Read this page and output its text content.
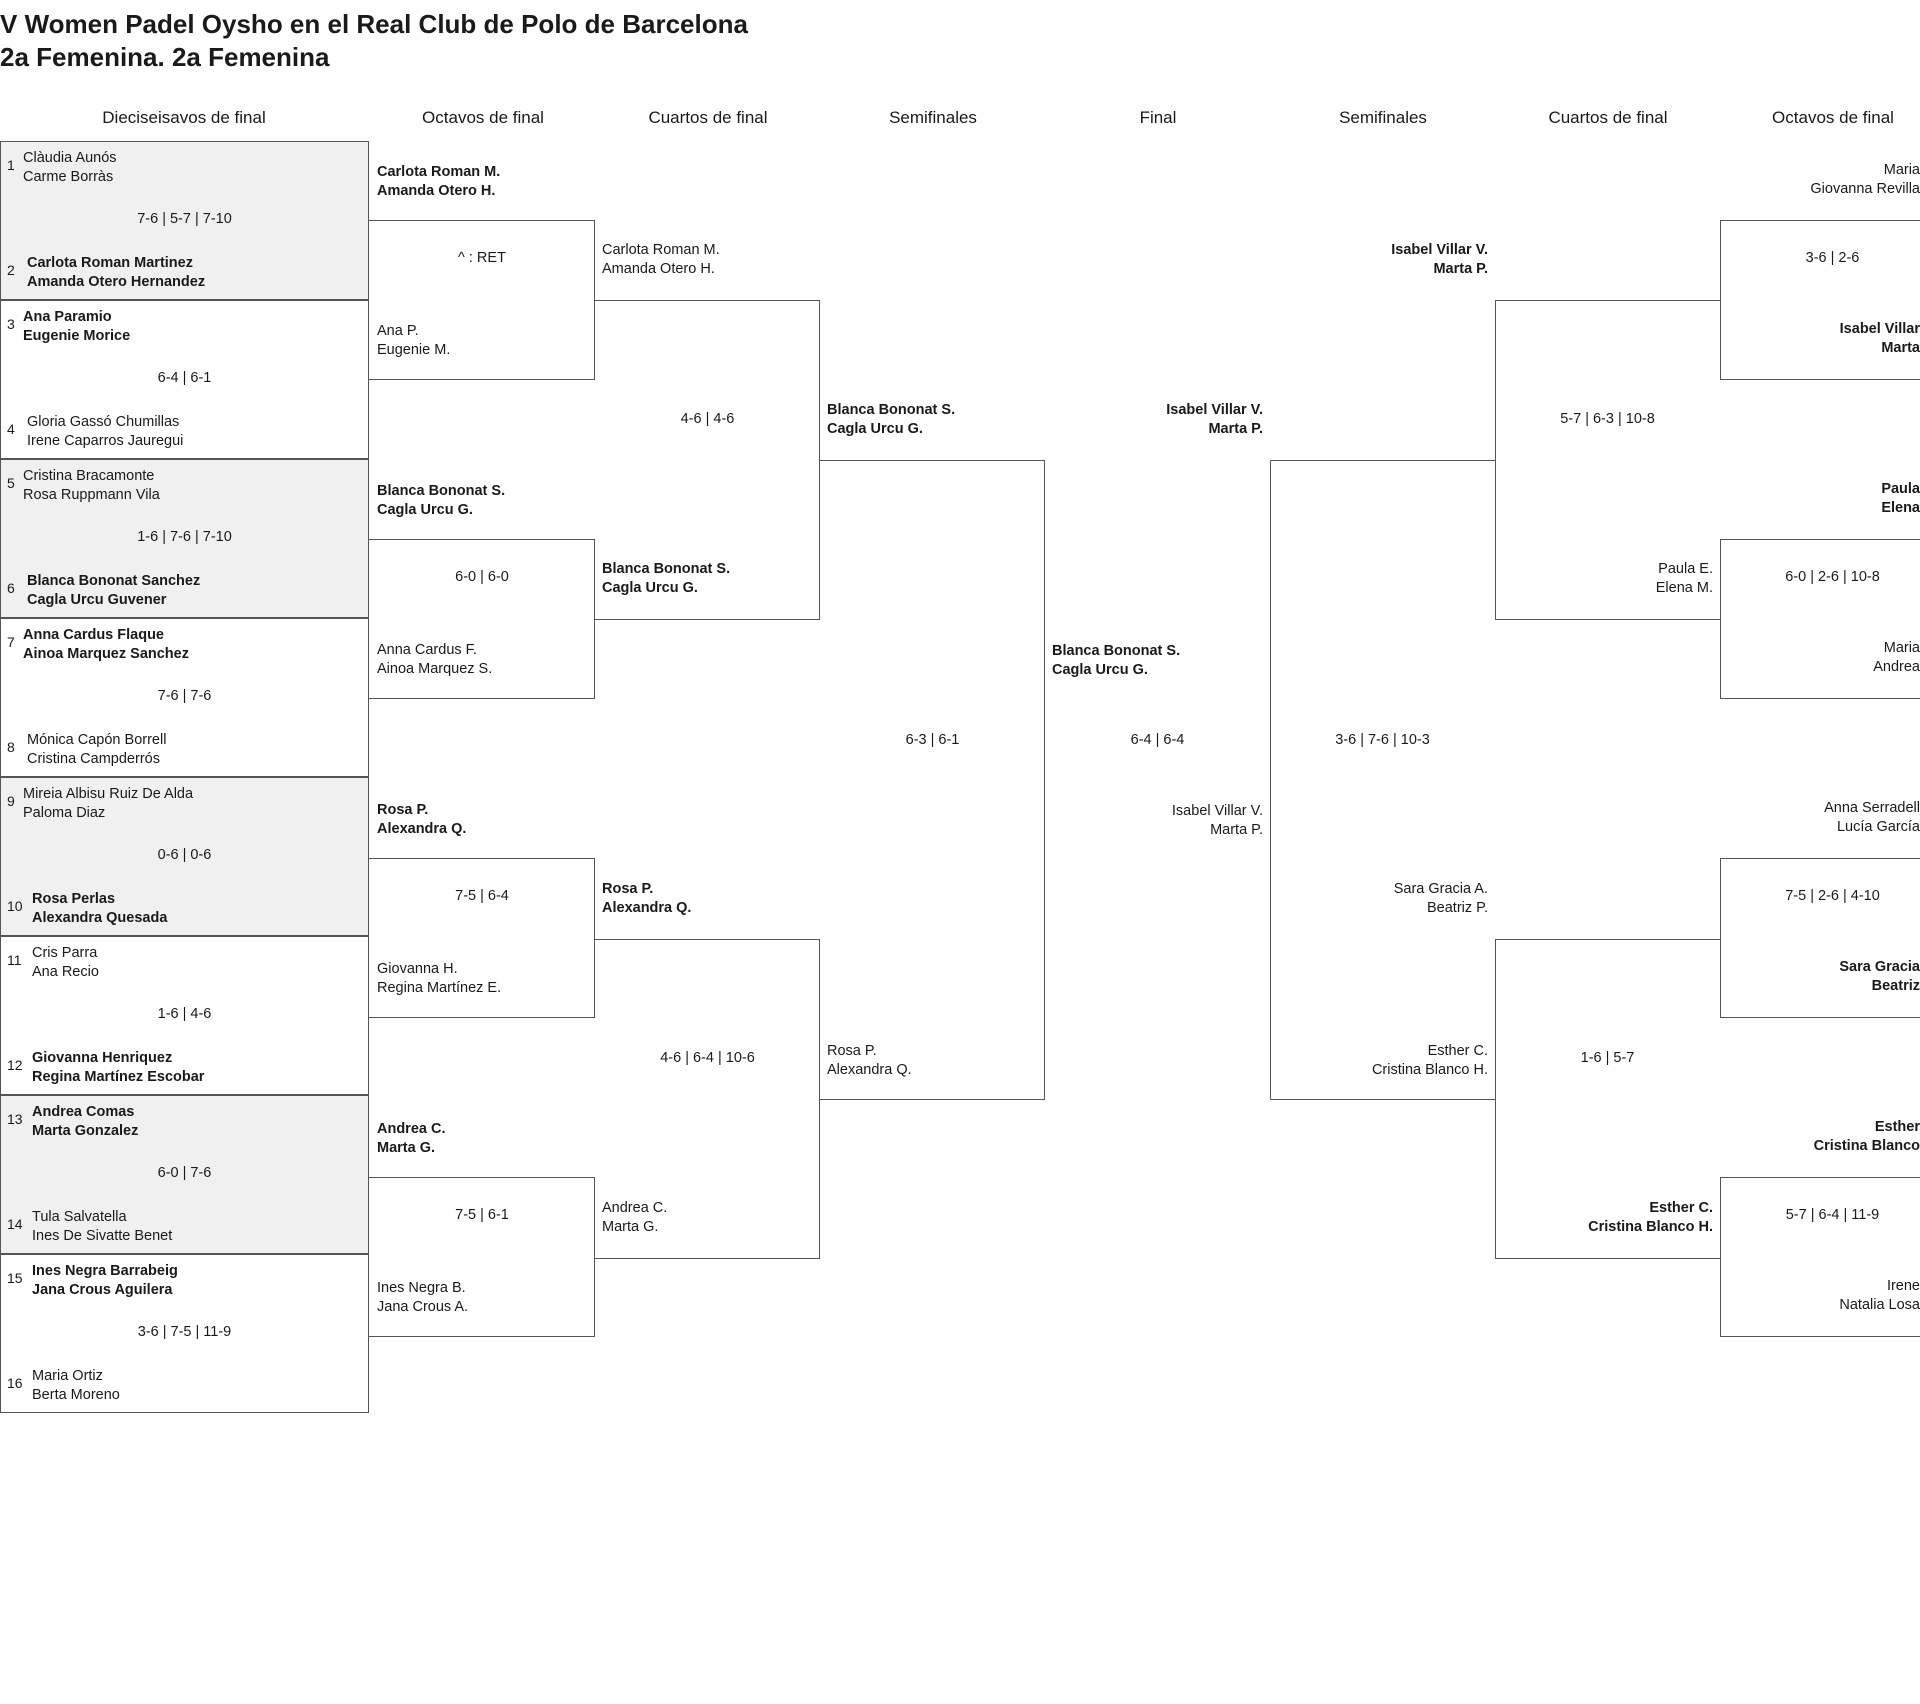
V Women Padel Oysho en el Real Club de Polo de Barcelona
2a Femenina. 2a Femenina
Dieciseisavos de final	Octavos de final	Cuartos de final	Semifinales	Final	Semifinales	Cuartos de final	Octavos de final
1
2
Clàudia Aunós
Carme Borràs
Carlota Roman Martinez
Amanda Otero Hernandez
7-6 | 5-7 | 7-10
3
4
Ana Paramio
Eugenie Morice
Gloria Gassó Chumillas
Irene Caparros Jauregui
6-4 | 6-1
5
6
Cristina Bracamonte
Rosa Ruppmann Vila
Blanca Bononat Sanchez
Cagla Urcu Guvener
1-6 | 7-6 | 7-10
7
8
Anna Cardus Flaque
Ainoa Marquez Sanchez
Mónica Capón Borrell
Cristina Campderrós
7-6 | 7-6
9
10
Mireia Albisu Ruiz De Alda
Paloma Diaz
Rosa Perlas
Alexandra Quesada
0-6 | 0-6
11
12
Cris Parra
Ana Recio
Giovanna Henriquez
Regina Martínez Escobar
1-6 | 4-6
13
14
Andrea Comas
Marta Gonzalez
Tula Salvatella
Ines De Sivatte Benet
6-0 | 7-6
15
16
Ines Negra Barrabeig
Jana Crous Aguilera
Maria Ortiz
Berta Moreno
3-6 | 7-5 | 11-9
Carlota Roman M.
Amanda Otero H.
Ana P.
Eugenie M.
^ : RET
Blanca Bononat S.
Cagla Urcu G.
Anna Cardus F.
Ainoa Marquez S.
6-0 | 6-0
Rosa P.
Alexandra Q.
Giovanna H.
Regina Martínez E.
7-5 | 6-4
Andrea C.
Marta G.
Ines Negra B.
Jana Crous A.
7-5 | 6-1
Carlota Roman M.
Amanda Otero H.
Blanca Bononat S.
Cagla Urcu G.
4-6 | 4-6
Rosa P.
Alexandra Q.
Andrea C.
Marta G.
4-6 | 6-4 | 10-6
Blanca Bononat S.
Cagla Urcu G.
Rosa P.
Alexandra Q.
6-3 | 6-1
Blanca Bononat S.
Cagla Urcu G.
Isabel Villar V.
Marta P.
6-4 | 6-4
Isabel Villar V.
Marta P.
Esther C.
Cristina Blanco H.
3-6 | 7-6 | 10-3
Isabel Villar V.
Marta P.
Paula E.
Elena M.
5-7 | 6-3 | 10-8
Sara Gracia A.
Beatriz P.
Esther C.
Cristina Blanco H.
1-6 | 5-7
Maria
Giovanna Revilla
Isabel Villar
Marta
3-6 | 2-6
Paula
Elena
Maria
Andrea
6-0 | 2-6 | 10-8
Anna Serradell
Lucía García
Sara Gracia
Beatriz
7-5 | 2-6 | 4-10
Esther
Cristina Blanco
Irene
Natalia Losa
5-7 | 6-4 | 11-9
